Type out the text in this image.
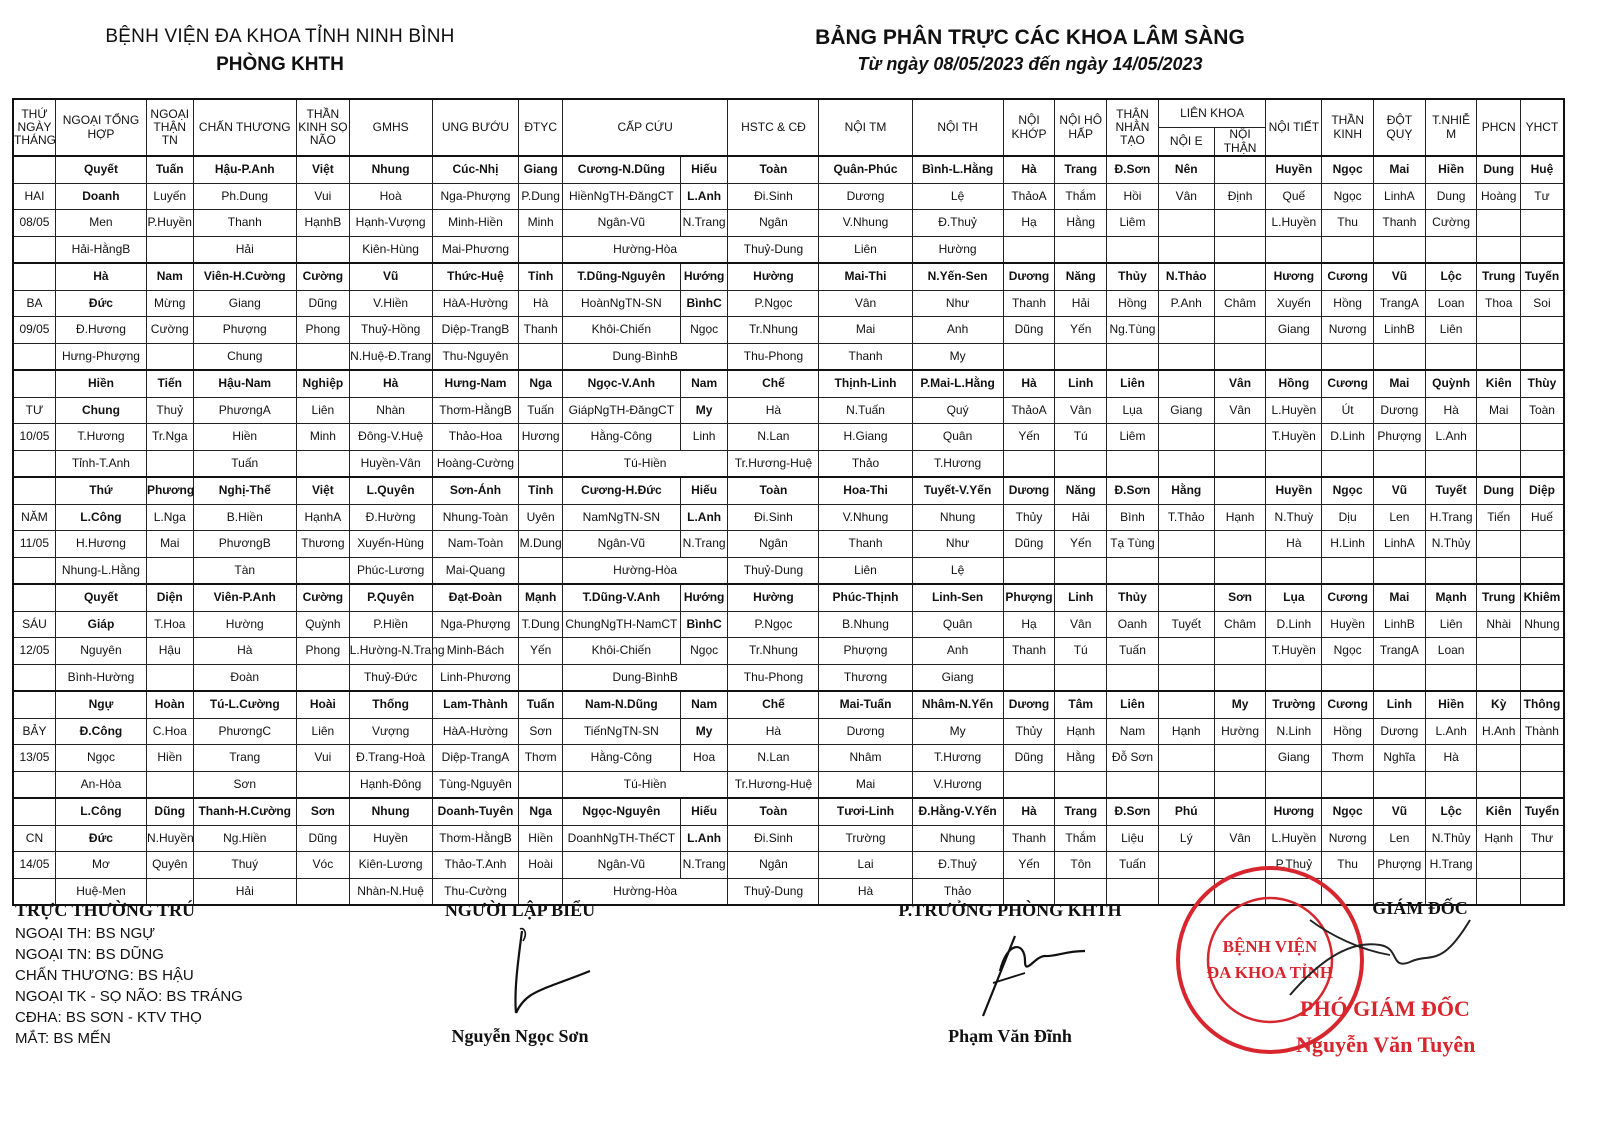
BỆNH VIỆN ĐA KHOA TỈNH NINH BÌNH
PHÒNG KHTH
BẢNG PHÂN TRỰC CÁC KHOA LÂM SÀNG
Từ ngày 08/05/2023 đến ngày 14/05/2023
THỨ NGÀY THÁNG	NGOẠI TỔNG HỢP	NGOẠI THẬN TN	CHẤN THƯƠNG	THẦN KINH SỌ NÃO	GMHS	UNG BƯỚU	ĐTYC	CẤP CỨU		HSTC & CĐ	NỘI TM	NỘI TH	NỘI KHỚP	NỘI HÔ HẤP	THẬN NHÂN TẠO	LIÊN KHOA		NỘI TIẾT	THẦN KINH	ĐỘT QUỴ	T.NHIỄ M	PHCN	YHCT
																NỘI E	NỘI THẬN						
	Quyết	Tuấn	Hậu-P.Anh	Việt	Nhung	Cúc-Nhị	Giang	Cương-N.Dũng	Hiếu	Toàn	Quân-Phúc	Bình-L.Hằng	Hà	Trang	Đ.Sơn	Nên		Huyền	Ngọc	Mai	Hiền	Dung	Huệ
HAI	Doanh	Luyến	Ph.Dung	Vui	Hoà	Nga-Phượng	P.Dung	HiềnNgTH-ĐăngCT	L.Anh	Đi.Sinh	Dương	Lệ	ThảoA	Thắm	Hồi	Vân	Định	Quế	Ngọc	LinhA	Dung	Hoàng	Tư
08/05	Men	P.Huyền	Thanh	HạnhB	Hạnh-Vượng	Minh-Hiền	Minh	Ngân-Vũ	N.Trang	Ngân	V.Nhung	Đ.Thuỷ	Hạ	Hằng	Liêm			L.Huyền	Thu	Thanh	Cường		
	Hải-HằngB		Hải		Kiên-Hùng	Mai-Phương		Hường-Hòa		Thuỷ-Dung	Liên	Hường											
	Hà	Nam	Viên-H.Cường	Cường	Vũ	Thức-Huệ	Tỉnh	T.Dũng-Nguyên	Hướng	Hường	Mai-Thi	N.Yến-Sen	Dương	Năng	Thủy	N.Thảo		Hương	Cương	Vũ	Lộc	Trung	Tuyến
BA	Đức	Mừng	Giang	Dũng	V.Hiền	HàA-Hường	Hà	HoànNgTN-SN	BìnhC	P.Ngọc	Vân	Như	Thanh	Hải	Hồng	P.Anh	Châm	Xuyến	Hồng	TrangA	Loan	Thoa	Soi
09/05	Đ.Hương	Cường	Phượng	Phong	Thuỷ-Hồng	Diệp-TrangB	Thanh	Khôi-Chiến	Ngọc	Tr.Nhung	Mai	Anh	Dũng	Yến	Ng.Tùng			Giang	Nương	LinhB	Liên		
	Hưng-Phượng		Chung		N.Huệ-Đ.Trang	Thu-Nguyên		Dung-BìnhB		Thu-Phong	Thanh	My											
	Hiền	Tiến	Hậu-Nam	Nghiệp	Hà	Hưng-Nam	Nga	Ngọc-V.Anh	Nam	Chế	Thịnh-Linh	P.Mai-L.Hằng	Hà	Linh	Liên		Vân	Hồng	Cương	Mai	Quỳnh	Kiên	Thùy
TƯ	Chung	Thuỷ	PhươngA	Liên	Nhàn	Thơm-HằngB	Tuấn	GiápNgTH-ĐăngCT	My	Hà	N.Tuấn	Quý	ThảoA	Vân	Lụa	Giang	Vân	L.Huyền	Út	Dương	Hà	Mai	Toàn
10/05	T.Hương	Tr.Nga	Hiền	Minh	Đông-V.Huệ	Thảo-Hoa	Hương	Hằng-Công	Linh	N.Lan	H.Giang	Quân	Yến	Tú	Liêm			T.Huyền	D.Linh	Phượng	L.Anh		
	Tỉnh-T.Anh		Tuấn		Huyền-Vân	Hoàng-Cường		Tú-Hiền		Tr.Hương-Huệ	Thảo	T.Hương											
	Thứ	Phương	Nghị-Thế	Việt	L.Quyên	Sơn-Ánh	Tỉnh	Cương-H.Đức	Hiếu	Toàn	Hoa-Thi	Tuyết-V.Yến	Dương	Năng	Đ.Sơn	Hằng		Huyền	Ngọc	Vũ	Tuyết	Dung	Diệp
NĂM	L.Công	L.Nga	B.Hiền	HạnhA	Đ.Hường	Nhung-Toàn	Uyên	NamNgTN-SN	L.Anh	Đi.Sinh	V.Nhung	Nhung	Thủy	Hải	Bình	T.Thảo	Hạnh	N.Thuỳ	Dịu	Len	H.Trang	Tiến	Huế
11/05	H.Hương	Mai	PhươngB	Thương	Xuyến-Hùng	Nam-Toàn	M.Dung	Ngân-Vũ	N.Trang	Ngân	Thanh	Như	Dũng	Yến	Tạ Tùng			Hà	H.Linh	LinhA	N.Thủy		
	Nhung-L.Hằng		Tàn		Phúc-Lương	Mai-Quang		Hường-Hòa		Thuỷ-Dung	Liên	Lệ											
	Quyết	Diện	Viên-P.Anh	Cường	P.Quyên	Đạt-Đoàn	Mạnh	T.Dũng-V.Anh	Hướng	Hường	Phúc-Thịnh	Linh-Sen	Phượng	Linh	Thủy		Sơn	Lụa	Cương	Mai	Mạnh	Trung	Khiêm
SÁU	Giáp	T.Hoa	Hường	Quỳnh	P.Hiền	Nga-Phượng	T.Dung	ChungNgTH-NamCT	BìnhC	P.Ngọc	B.Nhung	Quân	Hạ	Vân	Oanh	Tuyết	Châm	D.Linh	Huyền	LinhB	Liên	Nhài	Nhung
12/05	Nguyên	Hậu	Hà	Phong	L.Hường-N.Trang	Minh-Bách	Yến	Khôi-Chiến	Ngọc	Tr.Nhung	Phượng	Anh	Thanh	Tú	Tuấn			T.Huyền	Ngọc	TrangA	Loan		
	Bình-Hường		Đoàn		Thuỷ-Đức	Linh-Phương		Dung-BìnhB		Thu-Phong	Thương	Giang											
	Ngự	Hoàn	Tú-L.Cường	Hoài	Thống	Lam-Thành	Tuấn	Nam-N.Dũng	Nam	Chế	Mai-Tuấn	Nhâm-N.Yến	Dương	Tâm	Liên		My	Trường	Cương	Linh	Hiền	Kỳ	Thông
BẢY	Đ.Công	C.Hoa	PhươngC	Liên	Vượng	HàA-Hường	Sơn	TiếnNgTN-SN	My	Hà	Dương	My	Thủy	Hạnh	Nam	Hạnh	Hường	N.Linh	Hồng	Dương	L.Anh	H.Anh	Thành
13/05	Ngọc	Hiền	Trang	Vui	Đ.Trang-Hoà	Diệp-TrangA	Thơm	Hằng-Công	Hoa	N.Lan	Nhâm	T.Hương	Dũng	Hằng	Đỗ Sơn			Giang	Thơm	Nghĩa	Hà		
	An-Hòa		Sơn		Hạnh-Đông	Tùng-Nguyên		Tú-Hiền		Tr.Hương-Huệ	Mai	V.Hương											
	L.Công	Dũng	Thanh-H.Cường	Sơn	Nhung	Doanh-Tuyên	Nga	Ngọc-Nguyên	Hiếu	Toàn	Tươi-Linh	Đ.Hằng-V.Yến	Hà	Trang	Đ.Sơn	Phú		Hương	Ngọc	Vũ	Lộc	Kiên	Tuyển
CN	Đức	N.Huyền	Ng.Hiền	Dũng	Huyền	Thơm-HằngB	Hiền	DoanhNgTH-ThếCT	L.Anh	Đi.Sinh	Trường	Nhung	Thanh	Thắm	Liệu	Lý	Vân	L.Huyền	Nương	Len	N.Thủy	Hạnh	Thư
14/05	Mơ	Quyên	Thuý	Vóc	Kiên-Lương	Thảo-T.Anh	Hoài	Ngân-Vũ	N.Trang	Ngân	Lai	Đ.Thuỷ	Yến	Tôn	Tuấn			P.Thuỷ	Thu	Phượng	H.Trang		
	Huệ-Men		Hải		Nhàn-N.Huệ	Thu-Cường		Hường-Hòa		Thuỷ-Dung	Hà	Thảo											
TRỰC THƯỜNG TRÚ
NGOẠI TH: BS NGỰ
NGOẠI TN: BS DŨNG
CHẤN THƯƠNG: BS HẬU
NGOẠI TK - SỌ NÃO: BS TRÁNG
CĐHA: BS SƠN - KTV THỌ
MẮT: BS MẾN
NGƯỜI LẬP BIỂU
Nguyễn Ngọc Sơn
P.TRƯỞNG PHÒNG KHTH
Phạm Văn Đĩnh
GIÁM ĐỐC
BỆNH VIỆN
ĐA KHOA TỈNH
PHÓ GIÁM ĐỐC
Nguyễn Văn Tuyên
